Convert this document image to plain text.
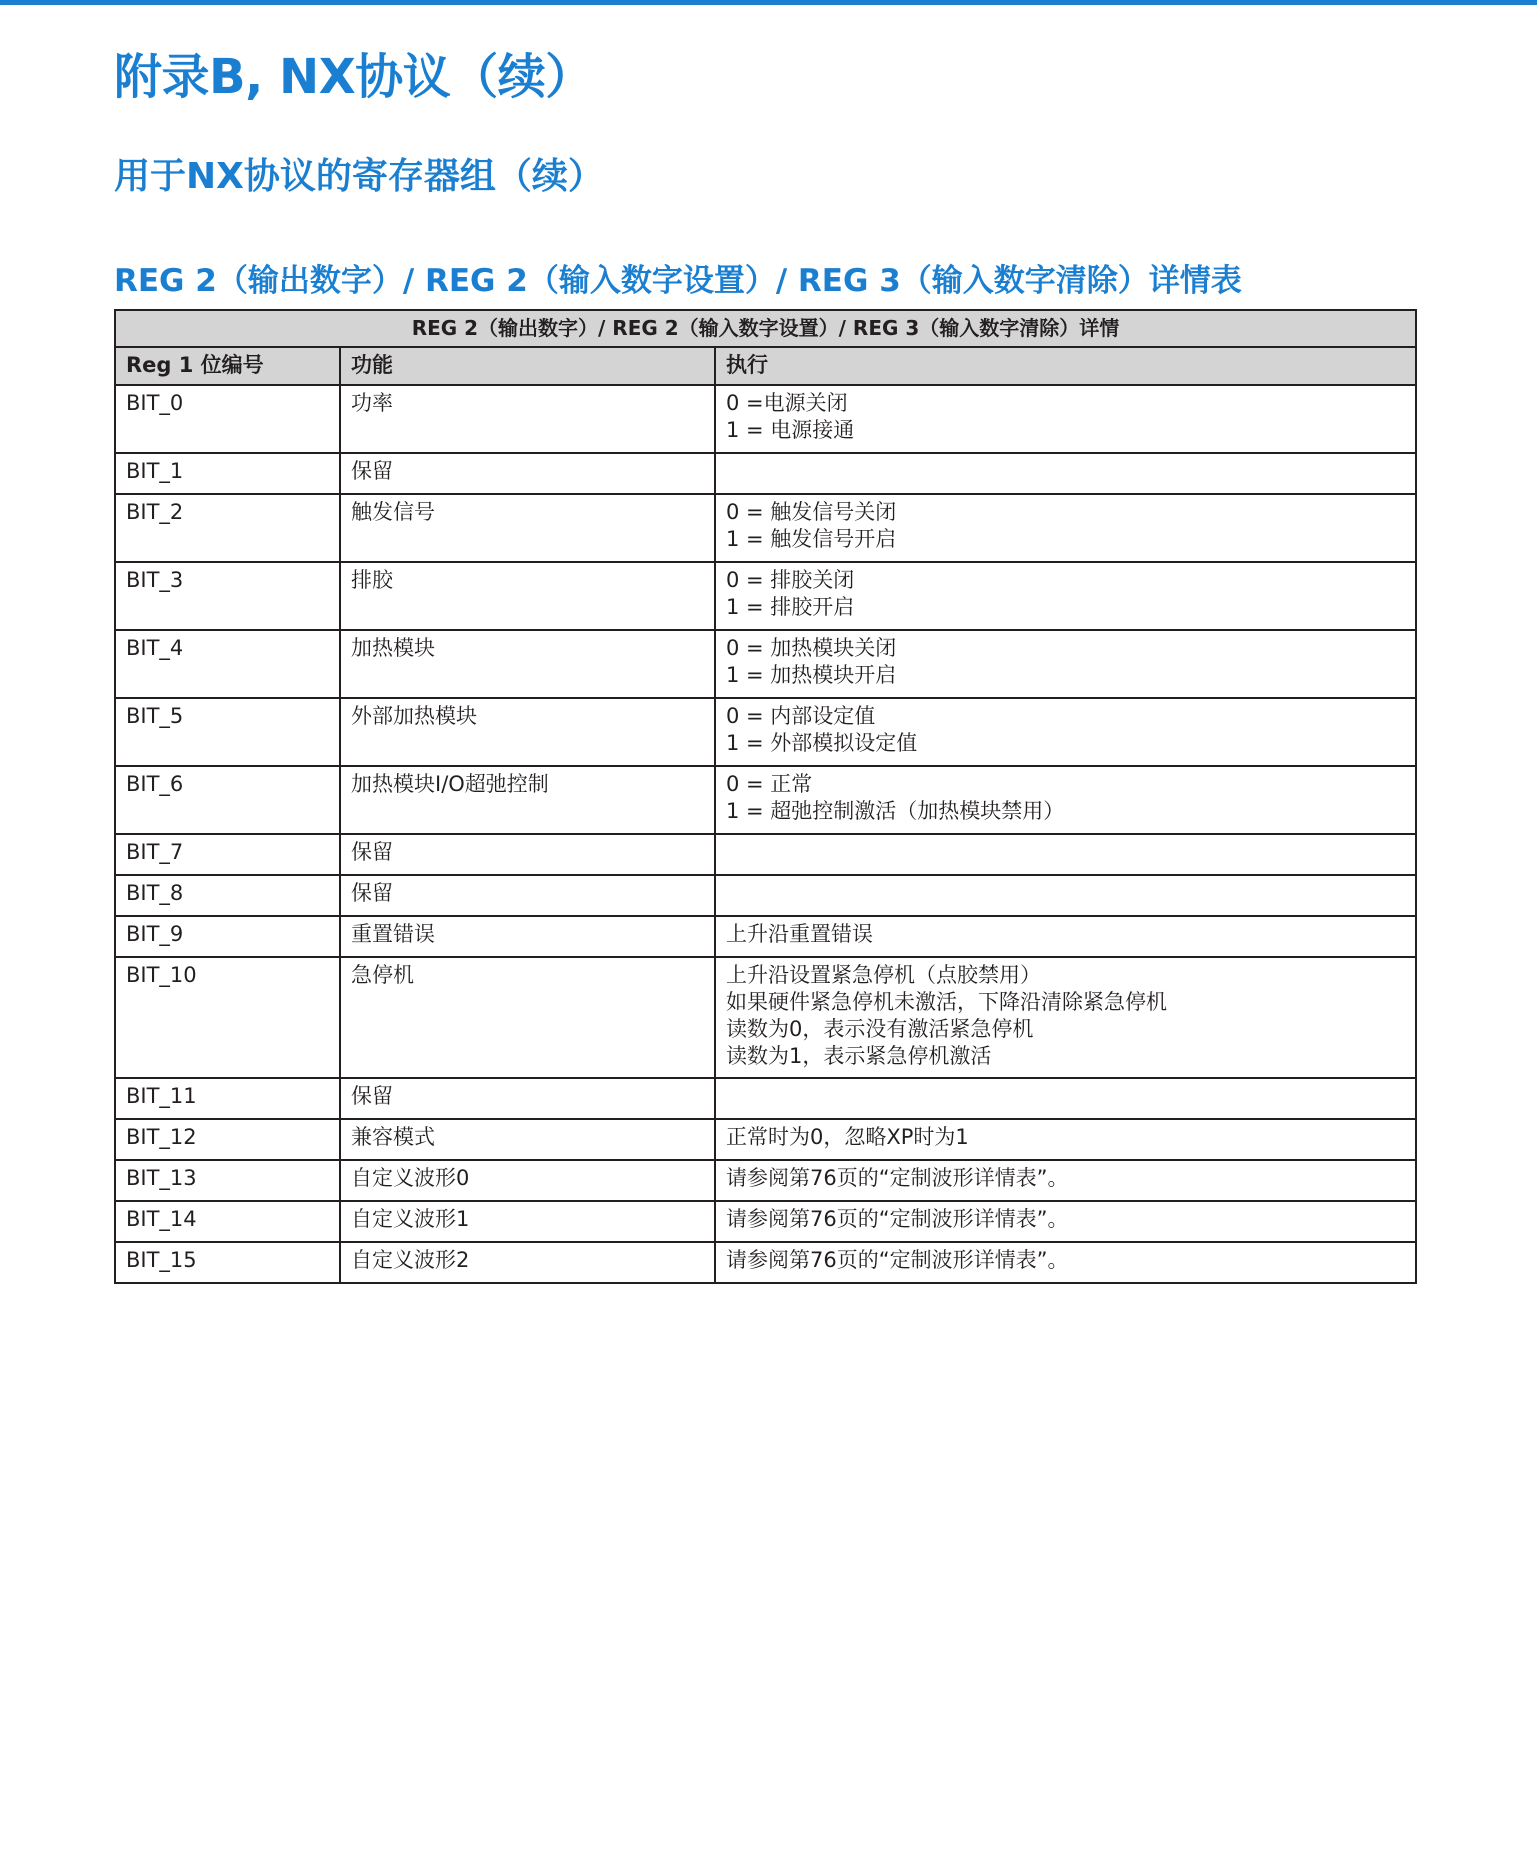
附录B, NX协议（续）
用于NX协议的寄存器组（续）
REG 2（输出数字）/ REG 2（输入数字设置）/ REG 3（输入数字清除）详情表
REG 2（输出数字）/ REG 2（输入数字设置）/ REG 3（输入数字清除）详情		
Reg 1 位编号	功能	执行
BIT_0	功率	0 =电源关闭
1 = 电源接通

BIT_1	保留	
BIT_2	触发信号	0 = 触发信号关闭
1 = 触发信号开启

BIT_3	排胶	0 = 排胶关闭
1 = 排胶开启

BIT_4	加热模块	0 = 加热模块关闭
1 = 加热模块开启

BIT_5	外部加热模块	0 = 内部设定值
1 = 外部模拟设定值

BIT_6	加热模块I/O超弛控制	0 = 正常
1 = 超弛控制激活（加热模块禁用）

BIT_7	保留	
BIT_8	保留	
BIT_9	重置错误	上升沿重置错误

BIT_10	急停机	上升沿设置紧急停机（点胶禁用）
如果硬件紧急停机未激活，下降沿清除紧急停机
读数为0，表示没有激活紧急停机
读数为1，表示紧急停机激活

BIT_11	保留	
BIT_12	兼容模式	正常时为0，忽略XP时为1

BIT_13	自定义波形0	请参阅第76页的“定制波形详情表”。

BIT_14	自定义波形1	请参阅第76页的“定制波形详情表”。

BIT_15	自定义波形2	请参阅第76页的“定制波形详情表”。
